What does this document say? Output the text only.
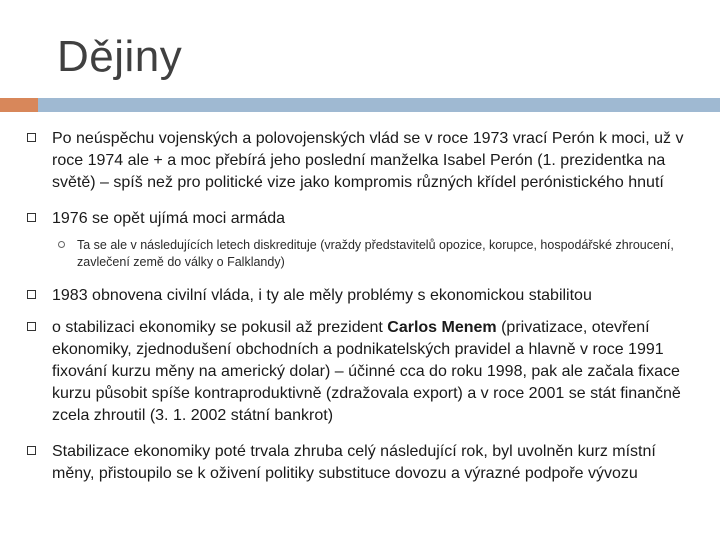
Dějiny
Po neúspěchu vojenských a polovojenských vlád se v roce 1973 vrací Perón k moci, už v roce 1974 ale + a moc přebírá jeho poslední manželka Isabel Perón (1. prezidentka na světě) – spíš než pro politické vize jako kompromis různých křídel perónistického hnutí
1976 se opět ujímá moci armáda
Ta se ale v následujících letech diskredituje (vraždy představitelů opozice, korupce, hospodářské zhroucení, zavlečení země do války o Falklandy)
1983 obnovena civilní vláda, i ty ale měly problémy s ekonomickou stabilitou
o stabilizaci ekonomiky se pokusil až prezident Carlos Menem (privatizace, otevření ekonomiky, zjednodušení obchodních a podnikatelských pravidel a hlavně v roce 1991 fixování kurzu měny na americký dolar) – účinné cca do roku 1998, pak ale začala fixace kurzu působit spíše kontraproduktivně (zdražovala export) a v roce 2001 se stát finančně zcela zhroutil (3. 1. 2002 státní bankrot)
Stabilizace ekonomiky poté trvala zhruba celý následující rok, byl uvolněn kurz místní měny, přistoupilo se k oživení politiky substituce dovozu a výrazné podpoře vývozu
